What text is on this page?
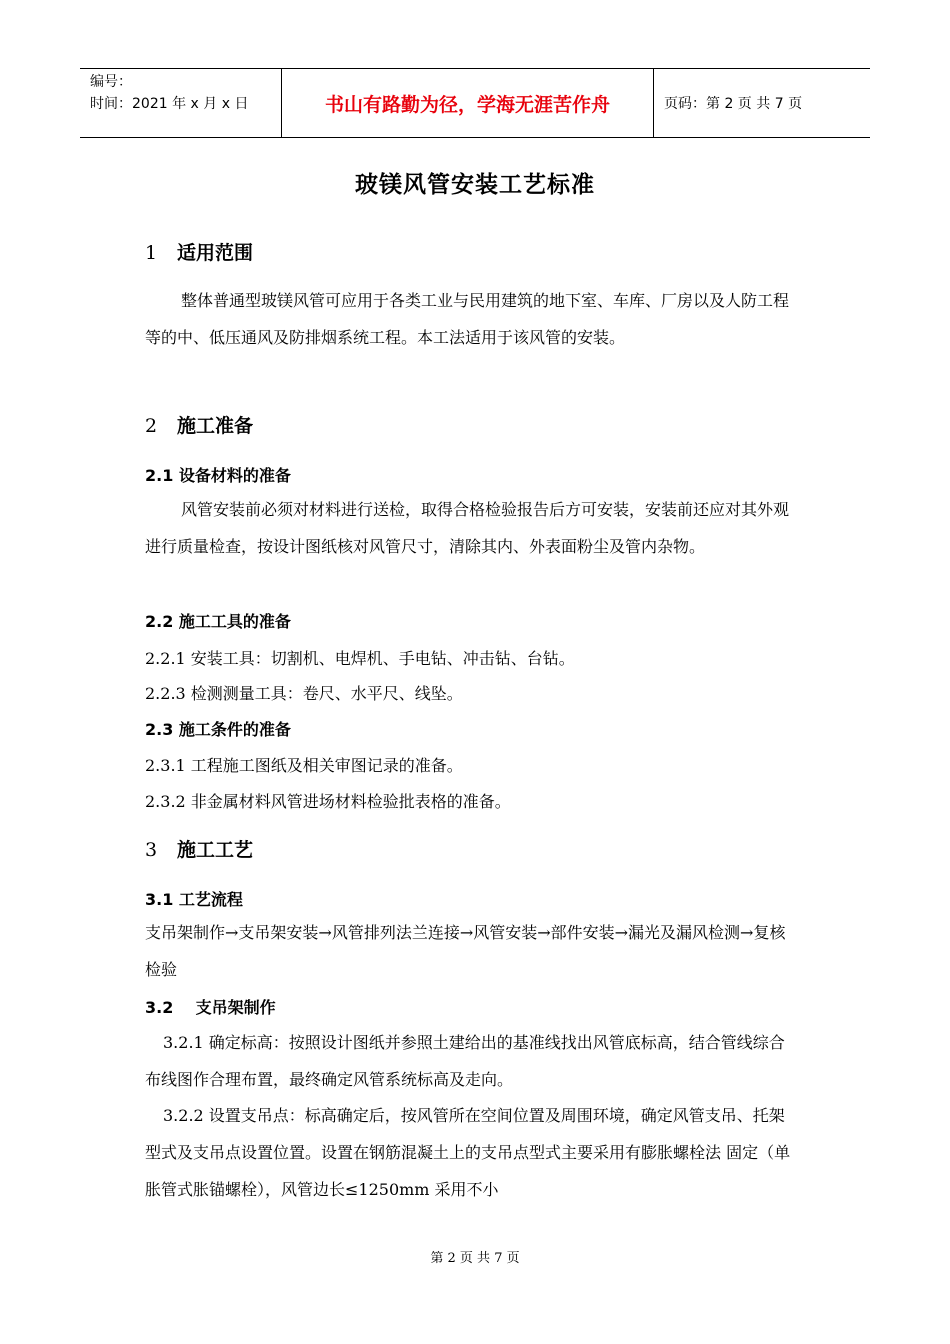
编号：
时间：2021 年 x 月 x 日	书山有路勤为径，学海无涯苦作舟	页码：第 2 页 共 7 页
玻镁风管安装工艺标准
1 适用范围
整体普通型玻镁风管可应用于各类工业与民用建筑的地下室、车库、厂房以及人防工程等的中、低压通风及防排烟系统工程。本工法适用于该风管的安装。
2 施工准备
2.1 设备材料的准备
风管安装前必须对材料进行送检，取得合格检验报告后方可安装，安装前还应对其外观进行质量检查，按设计图纸核对风管尺寸，清除其内、外表面粉尘及管内杂物。
2.2 施工工具的准备
2.2.1 安装工具：切割机、电焊机、手电钻、冲击钻、台钻。
2.2.3 检测测量工具：卷尺、水平尺、线坠。
2.3 施工条件的准备
2.3.1 工程施工图纸及相关审图记录的准备。
2.3.2 非金属材料风管进场材料检验批表格的准备。
3 施工工艺
3.1 工艺流程
支吊架制作→支吊架安装→风管排列法兰连接→风管安装→部件安装→漏光及漏风检测→复核检验
3.2    支吊架制作
3.2.1 确定标高：按照设计图纸并参照土建给出的基准线找出风管底标高，结合管线综合布线图作合理布置，最终确定风管系统标高及走向。
3.2.2 设置支吊点：标高确定后，按风管所在空间位置及周围环境，确定风管支吊、托架型式及支吊点设置位置。设置在钢筋混凝土上的支吊点型式主要采用有膨胀螺栓法 固定（单胀管式胀锚螺栓），风管边长≤1250mm 采用不小
第 2 页 共 7 页
